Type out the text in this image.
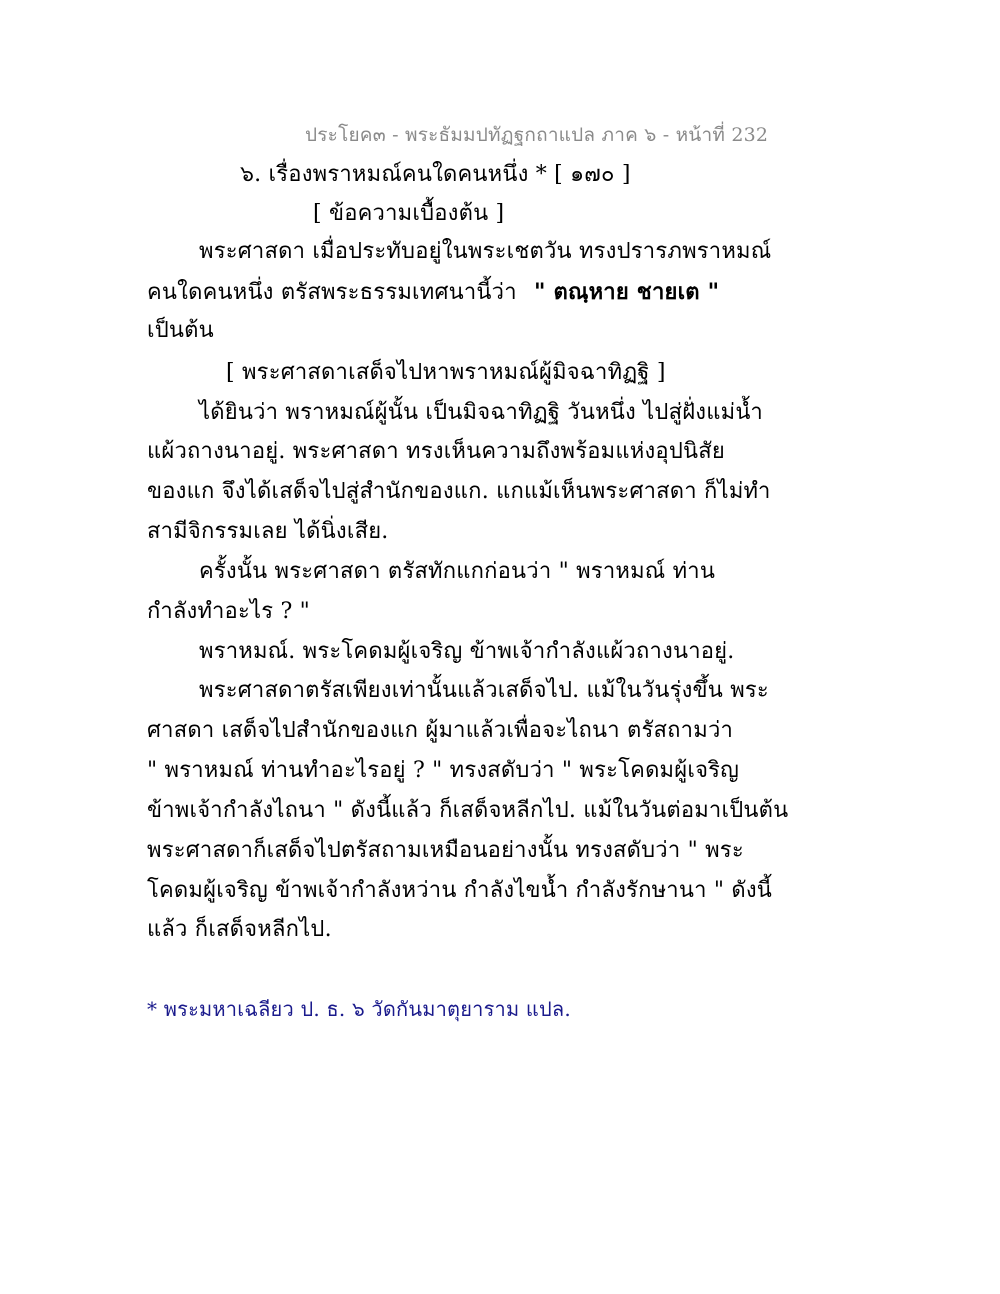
ประโยค๓ - พระธัมมปทัฏฐกถาแปล ภาค ๖ - หน้าที่ 232
๖. เรื่องพราหมณ์คนใดคนหนึ่ง * [ ๑๗๐ ]
[ ข้อความเบื้องต้น ]
พระศาสดา เมื่อประทับอยู่ในพระเชตวัน ทรงปรารภพราหมณ์
คนใดคนหนึ่ง ตรัสพระธรรมเทศนานี้ว่า " ตณฺหาย ชายเต "
เป็นต้น
[ พระศาสดาเสด็จไปหาพราหมณ์ผู้มิจฉาทิฏฐิ ]
ได้ยินว่า พราหมณ์ผู้นั้น เป็นมิจฉาทิฏฐิ วันหนึ่ง ไปสู่ฝั่งแม่น้ำ
แผ้วถางนาอยู่. พระศาสดา ทรงเห็นความถึงพร้อมแห่งอุปนิสัย
ของแก จึงได้เสด็จไปสู่สำนักของแก. แกแม้เห็นพระศาสดา ก็ไม่ทำ
สามีจิกรรมเลย ได้นิ่งเสีย.
ครั้งนั้น พระศาสดา ตรัสทักแกก่อนว่า " พราหมณ์ ท่าน
กำลังทำอะไร ? "
พราหมณ์. พระโคดมผู้เจริญ ข้าพเจ้ากำลังแผ้วถางนาอยู่.
พระศาสดาตรัสเพียงเท่านั้นแล้วเสด็จไป. แม้ในวันรุ่งขึ้น พระ
ศาสดา เสด็จไปสำนักของแก ผู้มาแล้วเพื่อจะไถนา ตรัสถามว่า
" พราหมณ์ ท่านทำอะไรอยู่ ? " ทรงสดับว่า " พระโคดมผู้เจริญ
ข้าพเจ้ากำลังไถนา " ดังนี้แล้ว ก็เสด็จหลีกไป. แม้ในวันต่อมาเป็นต้น
พระศาสดาก็เสด็จไปตรัสถามเหมือนอย่างนั้น ทรงสดับว่า " พระ
โคดมผู้เจริญ ข้าพเจ้ากำลังหว่าน กำลังไขน้ำ กำลังรักษานา " ดังนี้
แล้ว ก็เสด็จหลีกไป.
* พระมหาเฉลียว ป. ธ. ๖ วัดกันมาตุยาราม แปล.
